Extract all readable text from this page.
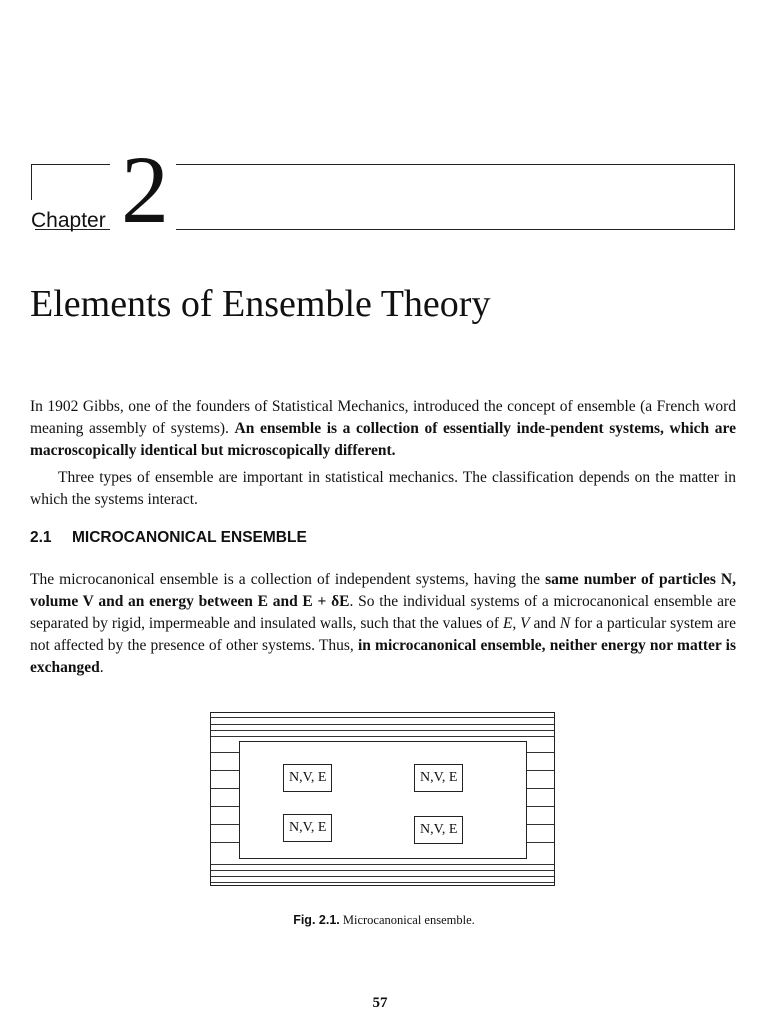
Chapter 2
Elements of Ensemble Theory

In 1902 Gibbs, one of the founders of Statistical Mechanics, introduced the concept of ensemble (a French word meaning assembly of systems). An ensemble is a collection of essentially inde-pendent systems, which are macroscopically identical but microscopically different.

Three types of ensemble are important in statistical mechanics. The classification depends on the matter in which the systems interact.

2.1 MICROCANONICAL ENSEMBLE

The microcanonical ensemble is a collection of independent systems, having the same number of particles N, volume V and an energy between E and E + δE. So the individual systems of a microcanonical ensemble are separated by rigid, impermeable and insulated walls, such that the values of E, V and N for a particular system are not affected by the presence of other systems. Thus, in microcanonical ensemble, neither energy nor matter is exchanged.

N,V, E	N,V, E
N,V, E	N,V, E
Fig. 2.1. Microcanonical ensemble.
57
